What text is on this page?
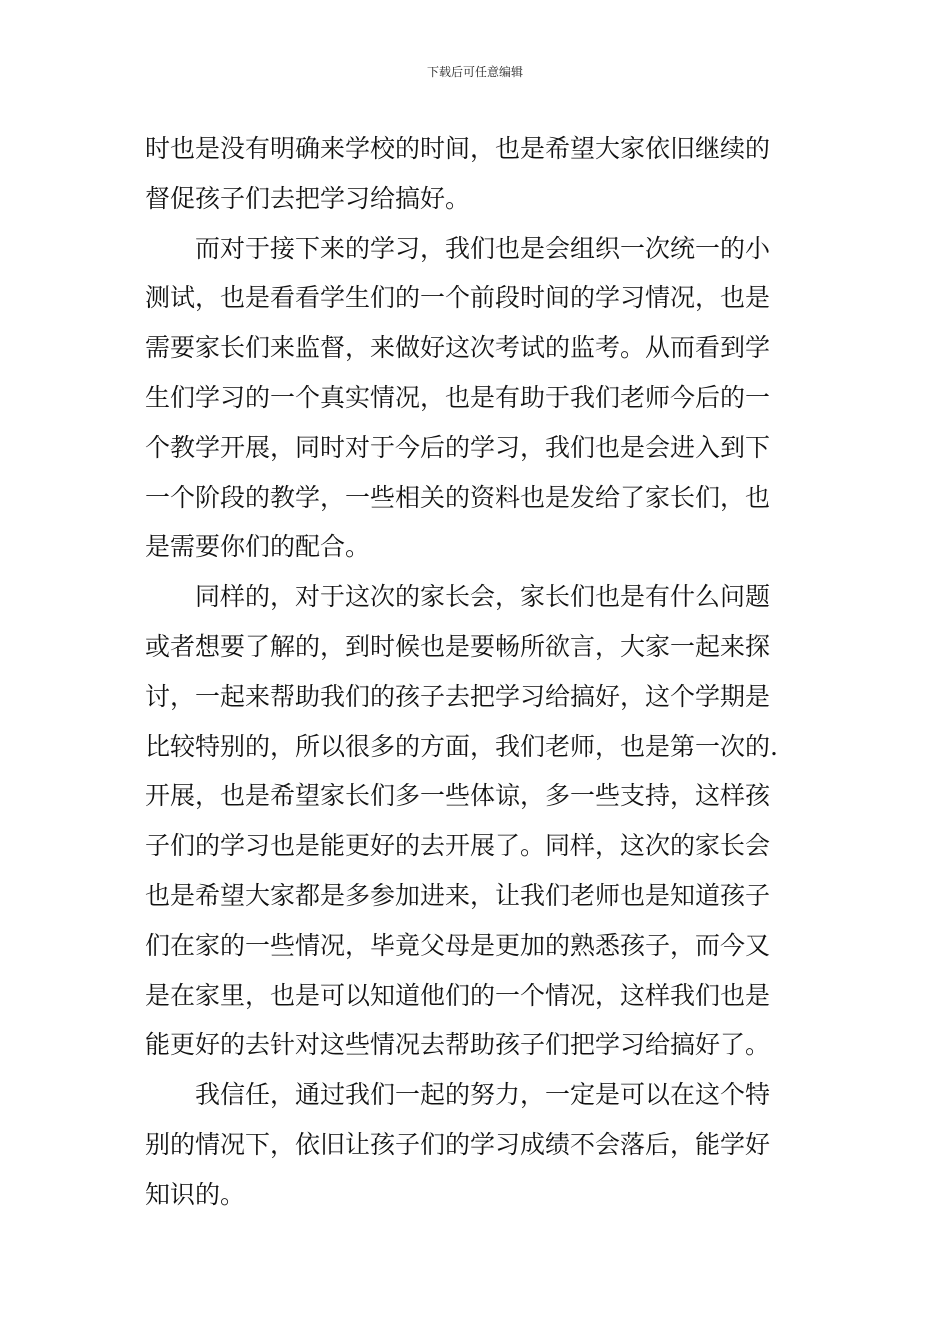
下载后可任意编辑
时也是没有明确来学校的时间，也是希望大家依旧继续的
督促孩子们去把学习给搞好。
而对于接下来的学习，我们也是会组织一次统一的小
测试，也是看看学生们的一个前段时间的学习情况，也是
需要家长们来监督，来做好这次考试的监考。从而看到学
生们学习的一个真实情况，也是有助于我们老师今后的一
个教学开展，同时对于今后的学习，我们也是会进入到下
一个阶段的教学，一些相关的资料也是发给了家长们，也
是需要你们的配合。
同样的，对于这次的家长会，家长们也是有什么问题
或者想要了解的，到时候也是要畅所欲言，大家一起来探
讨，一起来帮助我们的孩子去把学习给搞好，这个学期是
比较特别的，所以很多的方面，我们老师，也是第一次的.
开展，也是希望家长们多一些体谅，多一些支持，这样孩
子们的学习也是能更好的去开展了。同样，这次的家长会
也是希望大家都是多参加进来，让我们老师也是知道孩子
们在家的一些情况，毕竟父母是更加的熟悉孩子，而今又
是在家里，也是可以知道他们的一个情况，这样我们也是
能更好的去针对这些情况去帮助孩子们把学习给搞好了。
我信任，通过我们一起的努力，一定是可以在这个特
别的情况下，依旧让孩子们的学习成绩不会落后，能学好
知识的。
